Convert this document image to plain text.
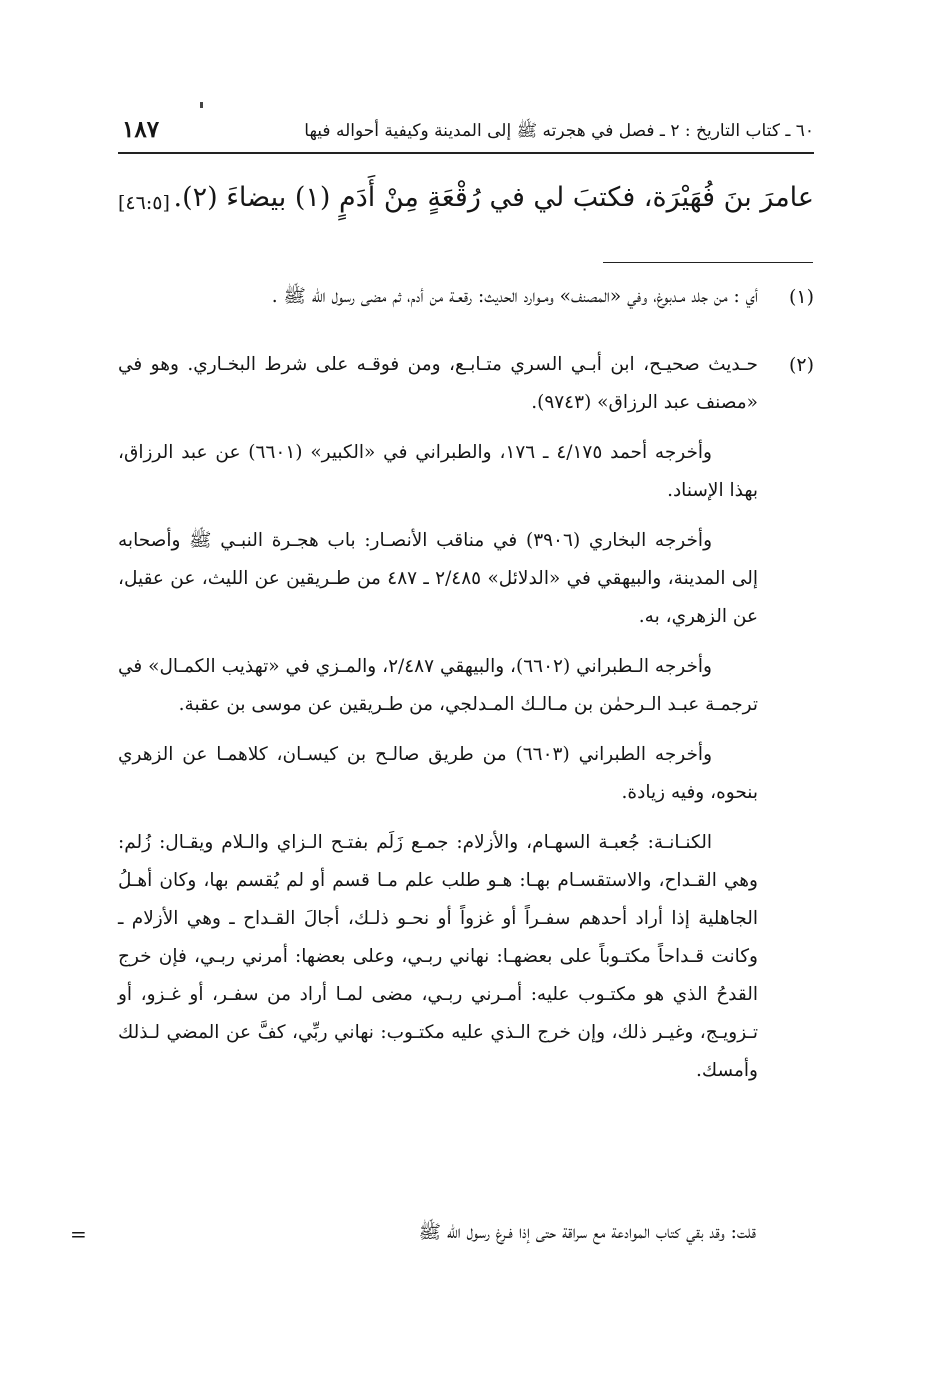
٦٠ ـ كتاب التاريخ : ٢ ـ فصل في هجرته ﷺ إلى المدينة وكيفية أحواله فيها
١٨٧
عامرَ بنَ فُهَيْرَة، فكتبَ لي في رُقْعَةٍ مِنْ أَدَمٍ (١) بيضاءَ (٢).
[٤٦:٥]
(١)

أي : من جلد مـدبوغ، وفي «المصنف» ومـوارد الحديث: رقعـة من أدم، ثم مضى رسول الله ﷺ .

(٢)

حـديث صحيـح، ابن أبـي السري متـابـع، ومن فوقـه على شرط البخـاري. وهو في «مصنف عبد الرزاق» (٩٧٤٣).

وأخرجه أحمد ٤/١٧٥ ـ ١٧٦، والطبراني في «الكبير» (٦٦٠١) عن عبد الرزاق، بهذا الإسناد.

وأخرجه البخاري (٣٩٠٦) في مناقب الأنصـار: باب هجـرة النبـي ﷺ وأصحابه إلى المدينة، والبيهقي في «الدلائل» ٢/٤٨٥ ـ ٤٨٧ من طـريقين عن الليث، عن عقيل، عن الزهري، به.

وأخرجه الـطبراني (٦٦٠٢)، والبيهقي ٢/٤٨٧، والمـزي في «تهذيب الكمـال» في ترجمـة عبـد الـرحمٰن بن مـالـك المـدلجي، من طـريقين عن موسى بن عقبة.

وأخرجه الطبراني (٦٦٠٣) من طريق صالـح بن كيسـان، كلاهمـا عن الزهري بنحوه، وفيه زيادة.

الكنـانـة: جُعبـة السهـام، والأزلام: جمـع زَلَم بفتـح الـزاي والـلام ويقـال: زُلم: وهي القـداح، والاستقسـام بهـا: هـو طلب علم مـا قسم أو لم يُقسم بها، وكان أهـلُ الجاهلية إذا أراد أحدهم سفـراً أو غزواً أو نحـو ذلـك، أجالَ القـداح ـ وهي الأزلام ـ وكانت قـداحاً مكتـوباً على بعضهـا: نهاني ربـي، وعلى بعضها: أمرني ربـي، فإن خرج القدحُ الذي هو مكتـوب عليه: أمـرني ربـي، مضى لمـا أراد من سفـر، أو غـزو، أو تـزويـج، وغيـر ذلك، وإن خرج الـذي عليه مكتـوب: نهاني ربِّي، كفَّ عن المضي لـذلك وأمسك.

قلت: وقد بقي كتاب الموادعة مع سراقة حتى إذا فـرغ رسول الله ﷺ
=
